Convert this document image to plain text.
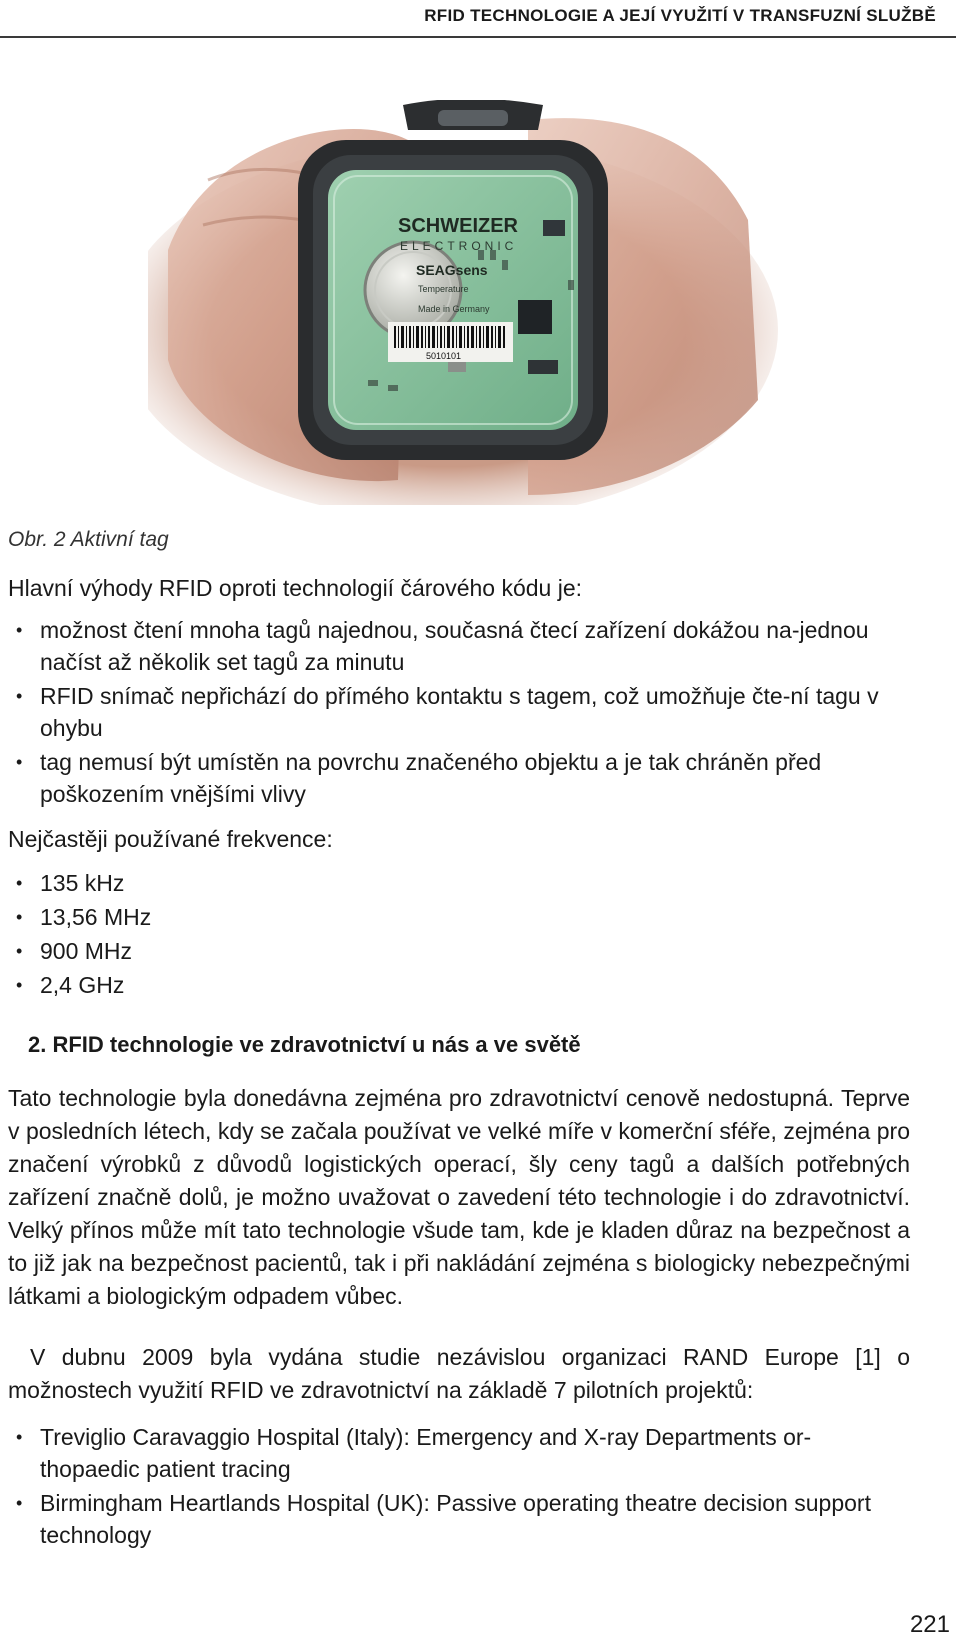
RFID TECHNOLOGIE A JEJÍ VYUŽITÍ V TRANSFUZNÍ SLUŽBĚ
SCHWEIZER
ELECTRONIC
SEAGsens
Temperature
Made in Germany
5010101
Obr. 2 Aktivní tag
Hlavní výhody RFID oproti technologií čárového kódu je:
• možnost čtení mnoha tagů najednou, současná čtecí zařízení dokážou na-jednou načíst až několik set tagů za minutu
• RFID snímač nepřichází do přímého kontaktu s tagem, což umožňuje čte-ní tagu v ohybu
• tag nemusí být umístěn na povrchu značeného objektu a je tak chráněn před poškozením vnějšími vlivy
Nejčastěji používané frekvence:
• 135 kHz
• 13,56 MHz
• 900 MHz
• 2,4 GHz
2. RFID technologie ve zdravotnictví u nás a ve světě
Tato technologie byla donedávna zejména pro zdravotnictví cenově nedostupná. Teprve v posledních létech, kdy se začala používat ve velké míře v komerční sféře, zejména pro značení výrobků z důvodů logistických operací, šly ceny tagů a dalších potřebných zařízení značně dolů, je možno uvažovat o zavedení této technologie i do zdravotnictví. Velký přínos může mít tato technologie všude tam, kde je kladen důraz na bezpečnost a to již jak na bezpečnost pacientů, tak i při nakládání zejména s biologicky nebezpečnými látkami a biologickým odpadem vůbec.
V dubnu 2009 byla vydána studie nezávislou organizaci RAND Europe [1] o možnostech využití RFID ve zdravotnictví na základě 7 pilotních projektů:
• Treviglio Caravaggio Hospital (Italy): Emergency and X-ray Departments or-thopaedic patient tracing
• Birmingham Heartlands Hospital (UK): Passive operating theatre decision support technology
221
